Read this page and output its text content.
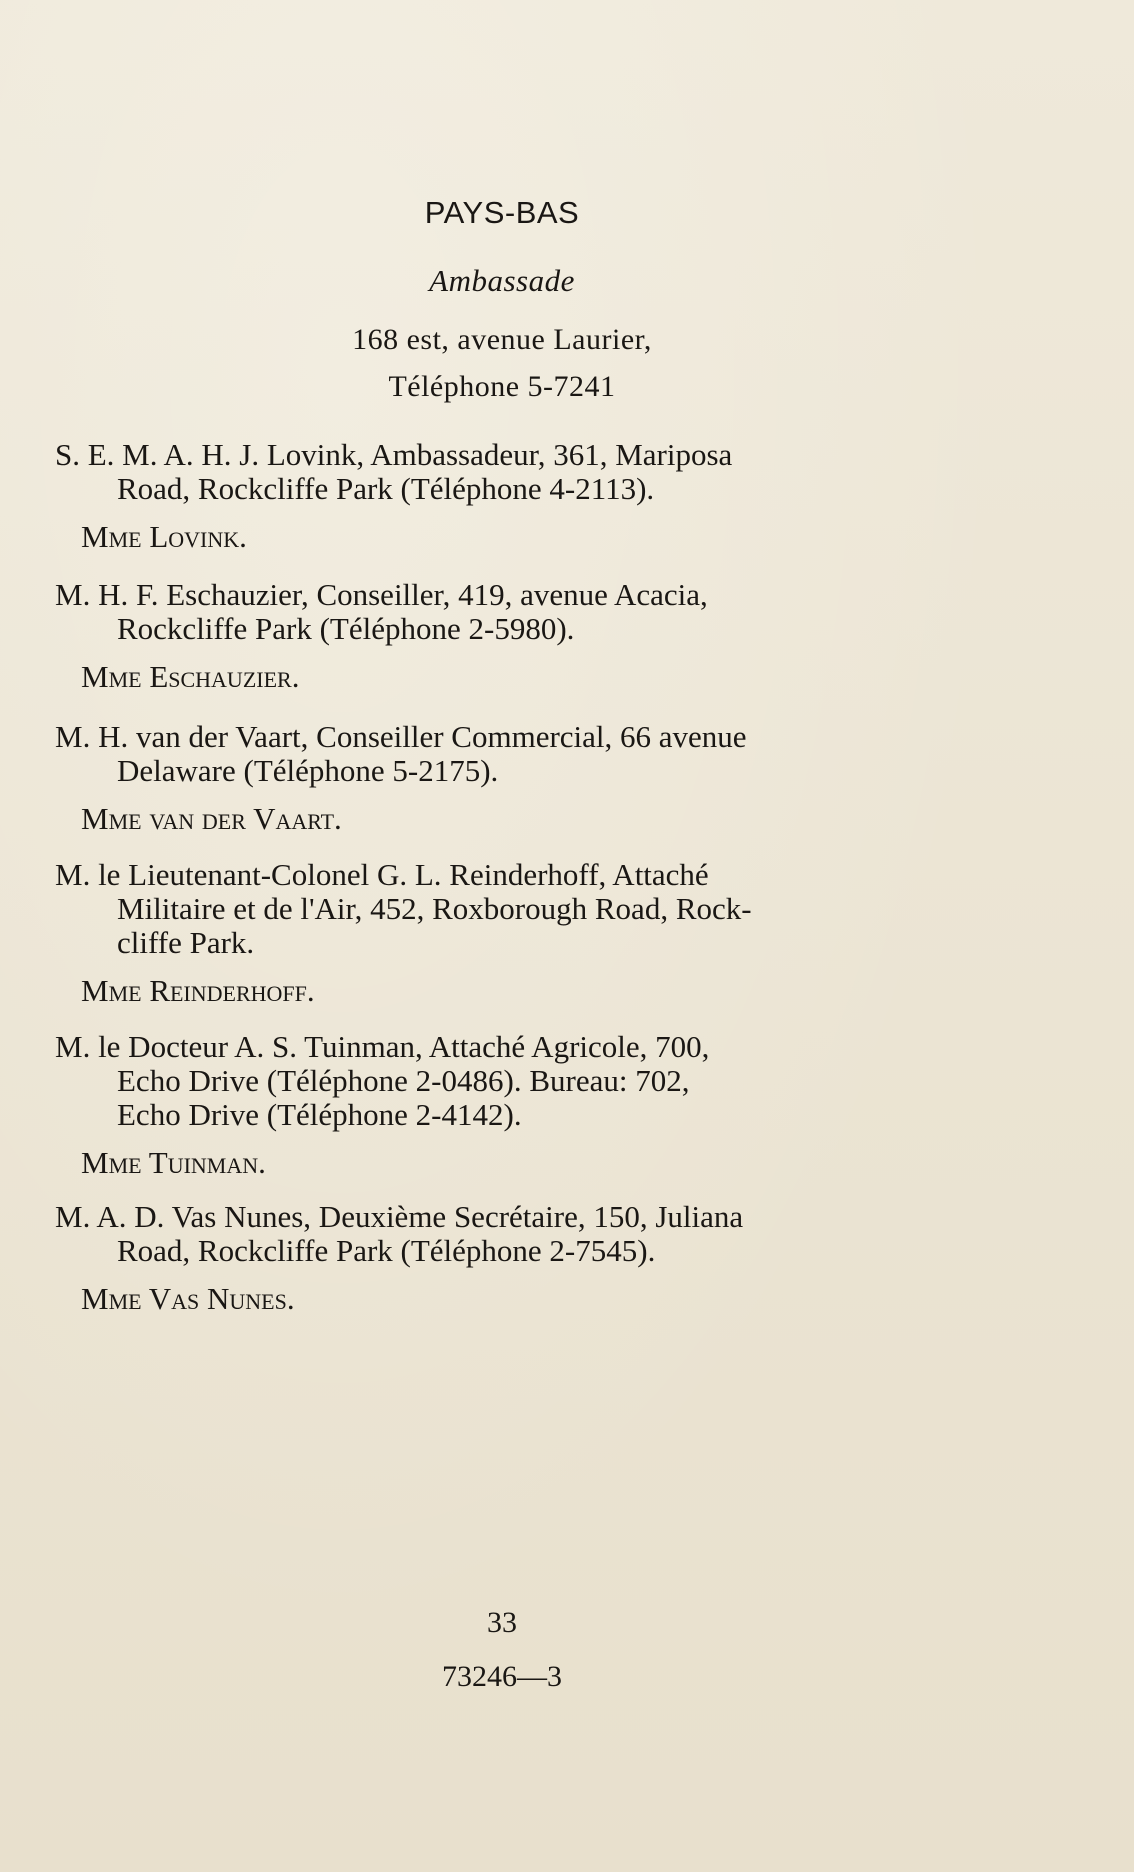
PAYS-BAS
Ambassade
168 est, avenue Laurier,
Téléphone 5-7241

S. E. M. A. H. J. Lovink, Ambassadeur, 361, Mariposa

Road, Rockcliffe Park (Téléphone 4-2113).

Mme Lovink.

M. H. F. Eschauzier, Conseiller, 419, avenue Acacia,

Rockcliffe Park (Téléphone 2-5980).

Mme Eschauzier.

M. H. van der Vaart, Conseiller Commercial, 66 avenue

Delaware (Téléphone 5-2175).

Mme van der Vaart.

M. le Lieutenant-Colonel G. L. Reinderhoff, Attaché

Militaire et de l'Air, 452, Roxborough Road, Rock-

cliffe Park.

Mme Reinderhoff.

M. le Docteur A. S. Tuinman, Attaché Agricole, 700,

Echo Drive (Téléphone 2-0486). Bureau: 702,

Echo Drive (Téléphone 2-4142).

Mme Tuinman.

M. A. D. Vas Nunes, Deuxième Secrétaire, 150, Juliana

Road, Rockcliffe Park (Téléphone 2-7545).

Mme Vas Nunes.

33
73246—3
